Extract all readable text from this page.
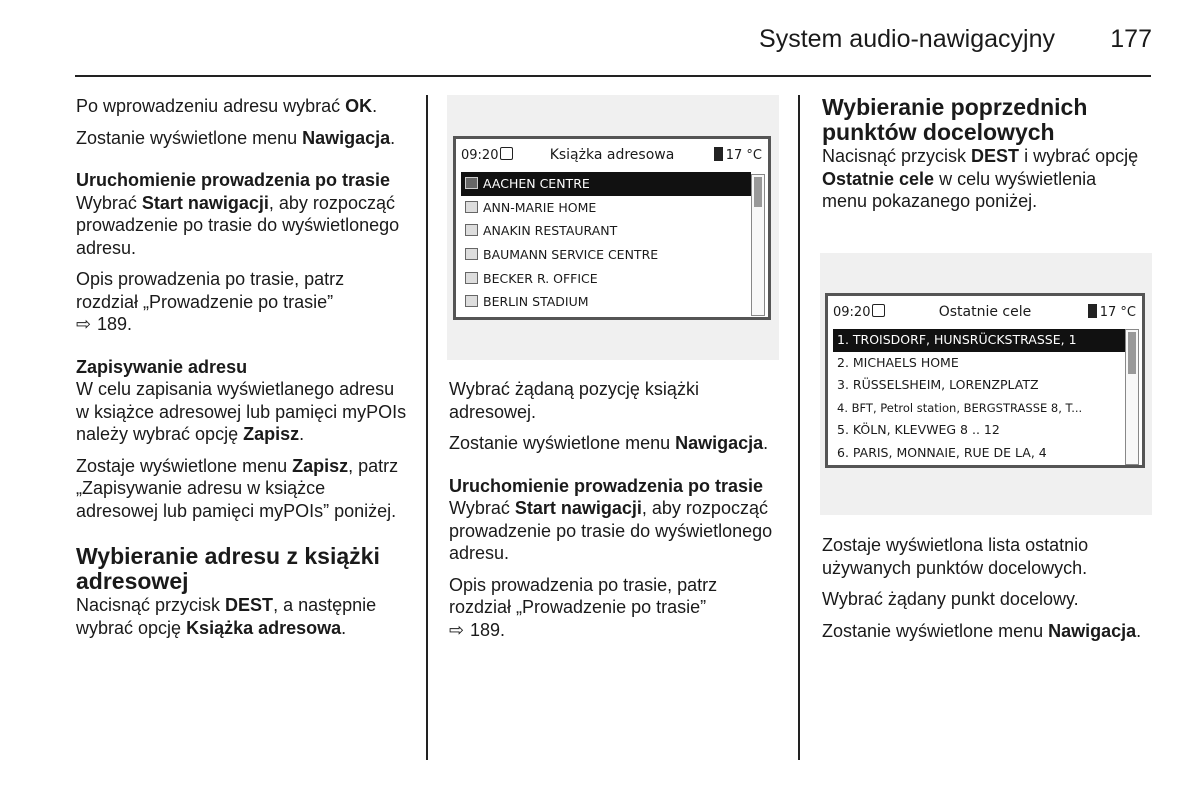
System audio-nawigacyjny 177

Po wprowadzeniu adresu wybrać OK.

Zostanie wyświetlone menu Nawigacja.

Uruchomienie prowadzenia po trasie

Wybrać Start nawigacji, aby rozpocząć prowadzenie po trasie do wyświetlonego adresu.

Opis prowadzenia po trasie, patrz rozdział „Prowadzenie po trasie”
⇨ 189.

Zapisywanie adresu

W celu zapisania wyświetlanego adresu w książce adresowej lub pamięci myPOIs należy wybrać opcję Zapisz.

Zostaje wyświetlone menu Zapisz, patrz „Zapisywanie adresu w książce adresowej lub pamięci myPOIs” poniżej.

Wybieranie adresu z książki adresowej

Nacisnąć przycisk DEST, a następnie wybrać opcję Książka adresowa.

09:20	Książka adresowa	17 °C
AACHEN CENTRE
ANN-MARIE HOME
ANAKIN RESTAURANT
BAUMANN SERVICE CENTRE
BECKER R. OFFICE
BERLIN STADIUM

Wybrać żądaną pozycję książki adresowej.

Zostanie wyświetlone menu Nawigacja.

Uruchomienie prowadzenia po trasie

Wybrać Start nawigacji, aby rozpocząć prowadzenie po trasie do wyświetlonego adresu.

Opis prowadzenia po trasie, patrz rozdział „Prowadzenie po trasie”
⇨ 189.

Wybieranie poprzednich punktów docelowych

Nacisnąć przycisk DEST i wybrać opcję Ostatnie cele w celu wyświetlenia menu pokazanego poniżej.

09:20	Ostatnie cele	17 °C
1. TROISDORF, HUNSRÜCKSTRASSE, 1
2. MICHAELS HOME
3. RÜSSELSHEIM, LORENZPLATZ
4. BFT, Petrol station, BERGSTRASSE 8, T...
5. KÖLN, KLEVWEG 8 .. 12
6. PARIS, MONNAIE, RUE DE LA, 4

Zostaje wyświetlona lista ostatnio używanych punktów docelowych.

Wybrać żądany punkt docelowy.

Zostanie wyświetlone menu Nawigacja.
